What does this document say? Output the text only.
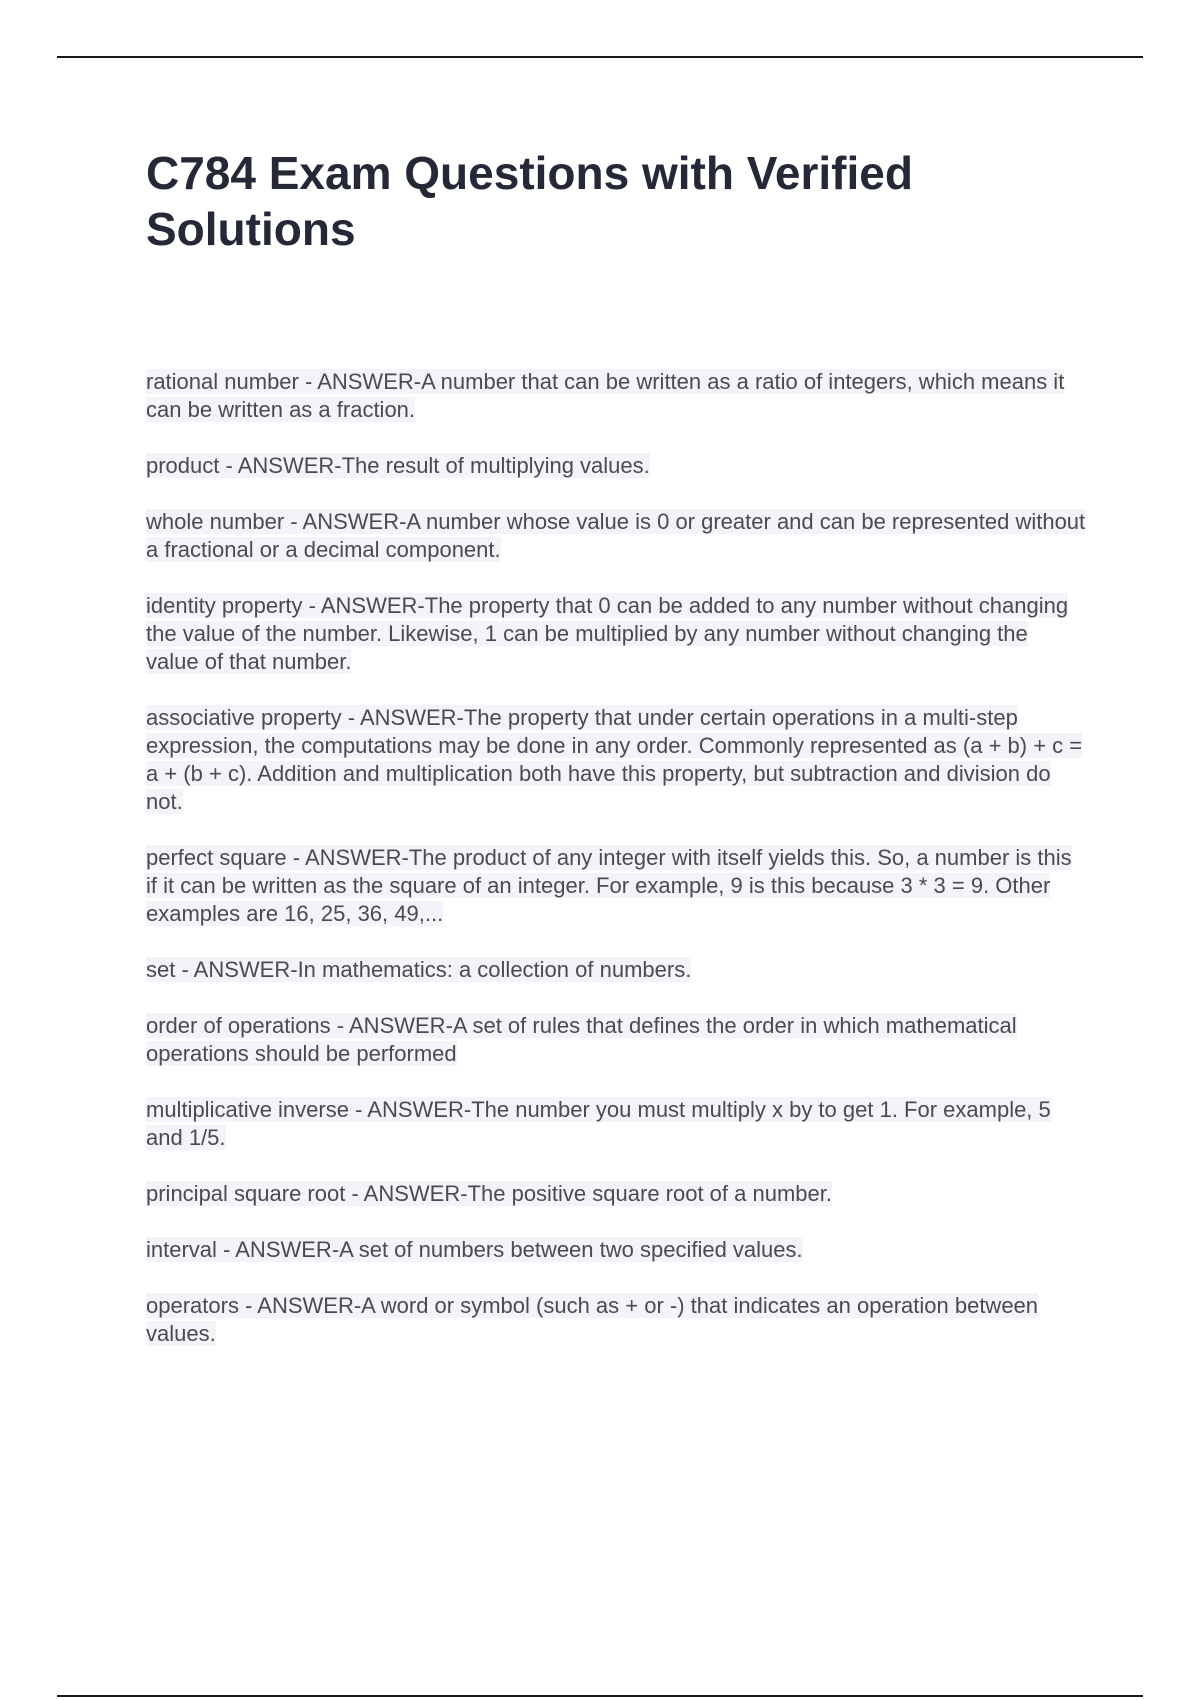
C784 Exam Questions with Verified Solutions
rational number - ANSWER-A number that can be written as a ratio of integers, which means it can be written as a fraction.
product - ANSWER-The result of multiplying values.
whole number - ANSWER-A number whose value is 0 or greater and can be represented without a fractional or a decimal component.
identity property - ANSWER-The property that 0 can be added to any number without changing the value of the number. Likewise, 1 can be multiplied by any number without changing the value of that number.
associative property - ANSWER-The property that under certain operations in a multi-step expression, the computations may be done in any order. Commonly represented as (a + b) + c = a + (b + c). Addition and multiplication both have this property, but subtraction and division do not.
perfect square - ANSWER-The product of any integer with itself yields this. So, a number is this if it can be written as the square of an integer. For example, 9 is this because 3 * 3 = 9. Other examples are 16, 25, 36, 49,...
set - ANSWER-In mathematics: a collection of numbers.
order of operations - ANSWER-A set of rules that defines the order in which mathematical operations should be performed
multiplicative inverse - ANSWER-The number you must multiply x by to get 1. For example, 5 and 1/5.
principal square root - ANSWER-The positive square root of a number.
interval - ANSWER-A set of numbers between two specified values.
operators - ANSWER-A word or symbol (such as + or -) that indicates an operation between values.
